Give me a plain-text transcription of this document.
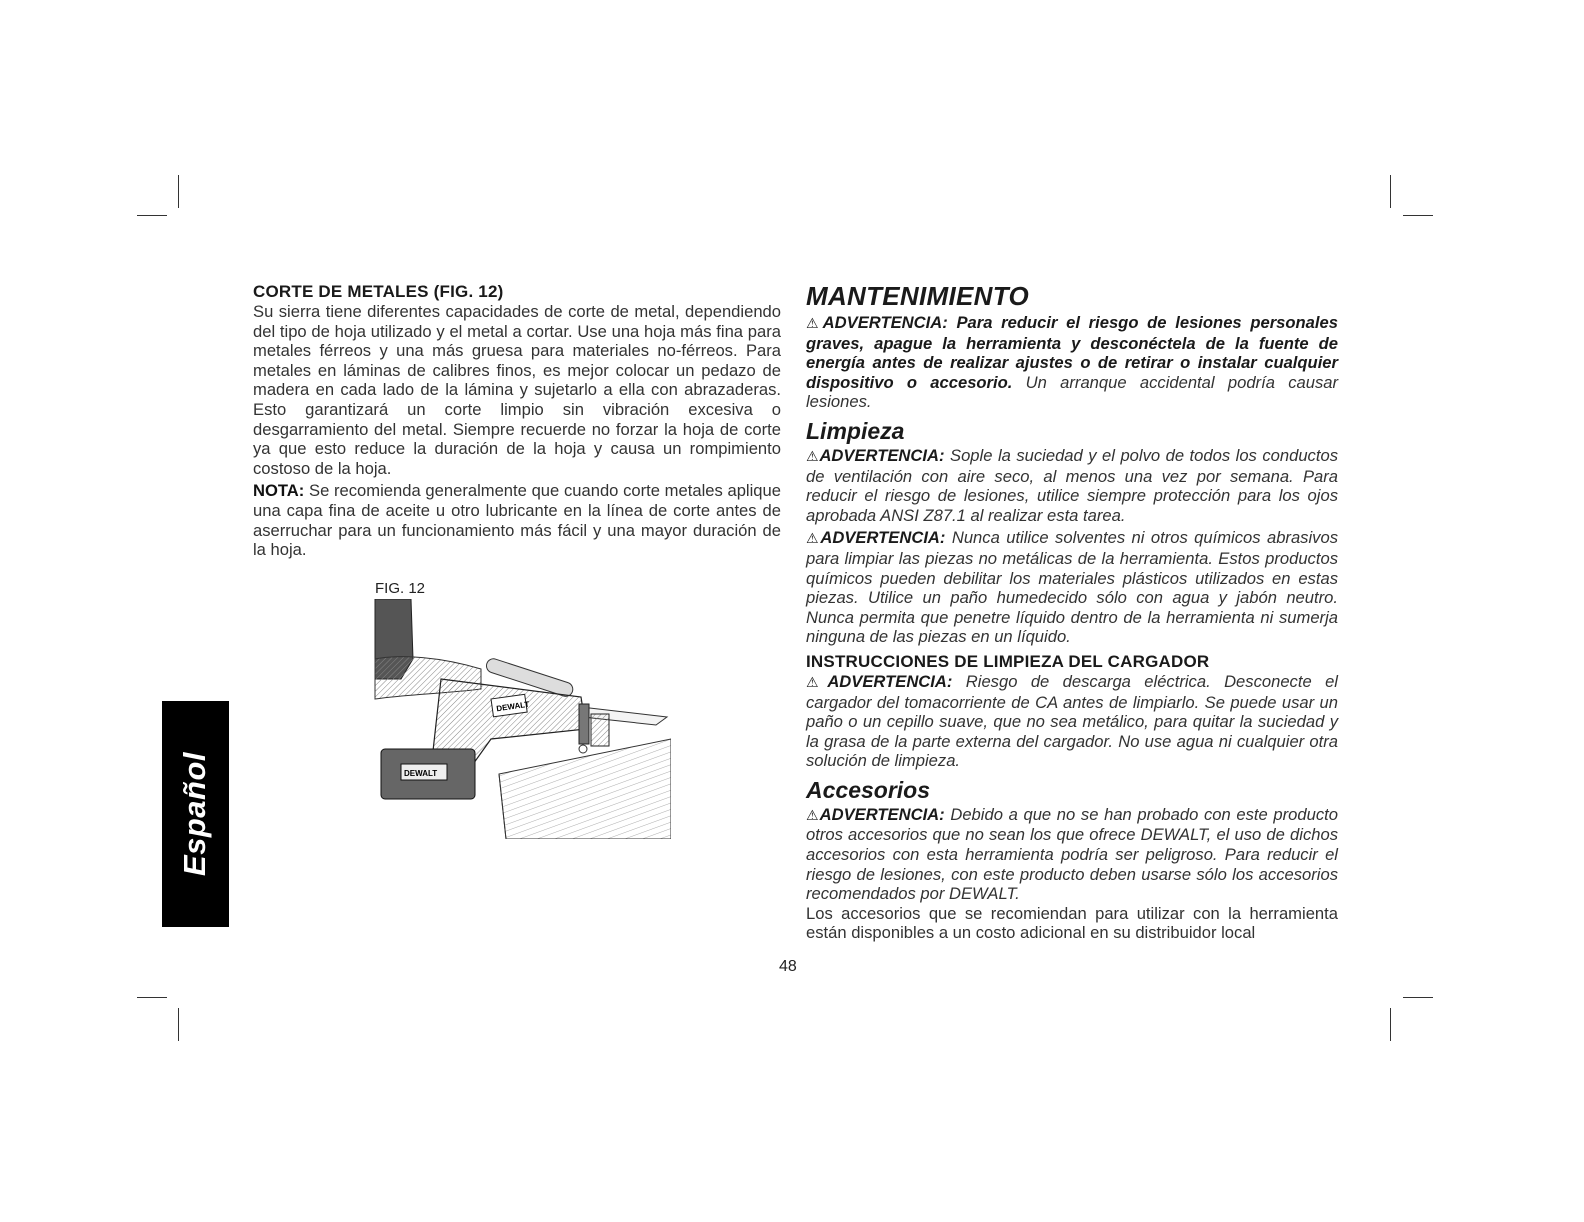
Español
CORTE DE METALES (FIG. 12)

Su sierra tiene diferentes capacidades de corte de metal, dependiendo del tipo de hoja utilizado y el metal a cortar. Use una hoja más fina para metales férreos y una más gruesa para materiales no-férreos. Para metales en láminas de calibres finos, es mejor colocar un pedazo de madera en cada lado de la lámina y sujetarlo a ella con abrazaderas. Esto garantizará un corte limpio sin vibración excesiva o desgarramiento del metal. Siempre recuerde no forzar la hoja de corte ya que esto reduce la duración de la hoja y causa un rompimiento costoso de la hoja.

NOTA: Se recomienda generalmente que cuando corte metales aplique una capa fina de aceite u otro lubricante en la línea de corte antes de aserruchar para un funcionamiento más fácil y una mayor duración de la hoja.

FIG. 12
DEWALT
DEWALT
MANTENIMIENTO

⚠ADVERTENCIA: Para reducir el riesgo de lesiones personales graves, apague la herramienta y desconéctela de la fuente de energía antes de realizar ajustes o de retirar o instalar cualquier dispositivo o accesorio. Un arranque accidental podría causar lesiones.

Limpieza

⚠ADVERTENCIA: Sople la suciedad y el polvo de todos los conductos de ventilación con aire seco, al menos una vez por semana. Para reducir el riesgo de lesiones, utilice siempre protección para los ojos aprobada ANSI Z87.1 al realizar esta tarea.

⚠ADVERTENCIA: Nunca utilice solventes ni otros químicos abrasivos para limpiar las piezas no metálicas de la herramienta. Estos productos químicos pueden debilitar los materiales plásticos utilizados en estas piezas. Utilice un paño humedecido sólo con agua y jabón neutro. Nunca permita que penetre líquido dentro de la herramienta ni sumerja ninguna de las piezas en un líquido.

INSTRUCCIONES DE LIMPIEZA DEL CARGADOR

⚠ADVERTENCIA: Riesgo de descarga eléctrica. Desconecte el cargador del tomacorriente de CA antes de limpiarlo. Se puede usar un paño o un cepillo suave, que no sea metálico, para quitar la suciedad y la grasa de la parte externa del cargador. No use agua ni cualquier otra solución de limpieza.

Accesorios

⚠ADVERTENCIA: Debido a que no se han probado con este producto otros accesorios que no sean los que ofrece DEWALT, el uso de dichos accesorios con esta herramienta podría ser peligroso. Para reducir el riesgo de lesiones, con este producto deben usarse sólo los accesorios recomendados por DEWALT.

Los accesorios que se recomiendan para utilizar con la herramienta están disponibles a un costo adicional en su distribuidor local

48
